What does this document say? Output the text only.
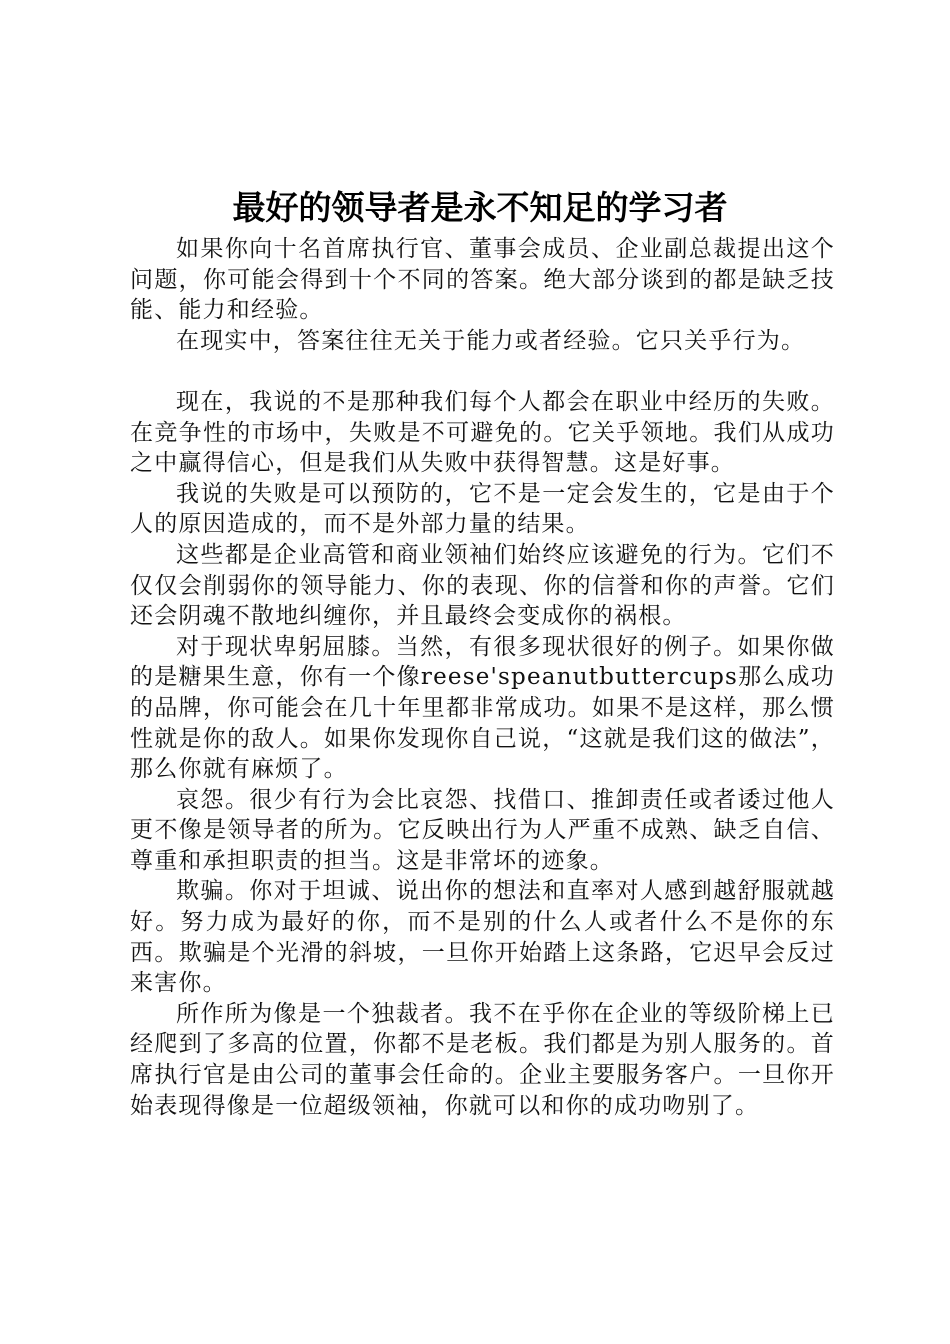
最好的领导者是永不知足的学习者

如果你向十名首席执行官、董事会成员、企业副总裁提出这个问题，你可能会得到十个不同的答案。绝大部分谈到的都是缺乏技能、能力和经验。

在现实中，答案往往无关于能力或者经验。它只关乎行为。

现在，我说的不是那种我们每个人都会在职业中经历的失败。在竞争性的市场中，失败是不可避免的。它关乎领地。我们从成功之中赢得信心，但是我们从失败中获得智慧。这是好事。

我说的失败是可以预防的，它不是一定会发生的，它是由于个人的原因造成的，而不是外部力量的结果。

这些都是企业高管和商业领袖们始终应该避免的行为。它们不仅仅会削弱你的领导能力、你的表现、你的信誉和你的声誉。它们还会阴魂不散地纠缠你，并且最终会变成你的祸根。

对于现状卑躬屈膝。当然，有很多现状很好的例子。如果你做的是糖果生意，你有一个像reese'speanutbuttercups那么成功的品牌，你可能会在几十年里都非常成功。如果不是这样，那么惯性就是你的敌人。如果你发现你自己说，“这就是我们这的做法”，那么你就有麻烦了。

哀怨。很少有行为会比哀怨、找借口、推卸责任或者诿过他人更不像是领导者的所为。它反映出行为人严重不成熟、缺乏自信、尊重和承担职责的担当。这是非常坏的迹象。

欺骗。你对于坦诚、说出你的想法和直率对人感到越舒服就越好。努力成为最好的你，而不是别的什么人或者什么不是你的东西。欺骗是个光滑的斜坡，一旦你开始踏上这条路，它迟早会反过来害你。

所作所为像是一个独裁者。我不在乎你在企业的等级阶梯上已经爬到了多高的位置，你都不是老板。我们都是为别人服务的。首席执行官是由公司的董事会任命的。企业主要服务客户。一旦你开始表现得像是一位超级领袖，你就可以和你的成功吻别了。
